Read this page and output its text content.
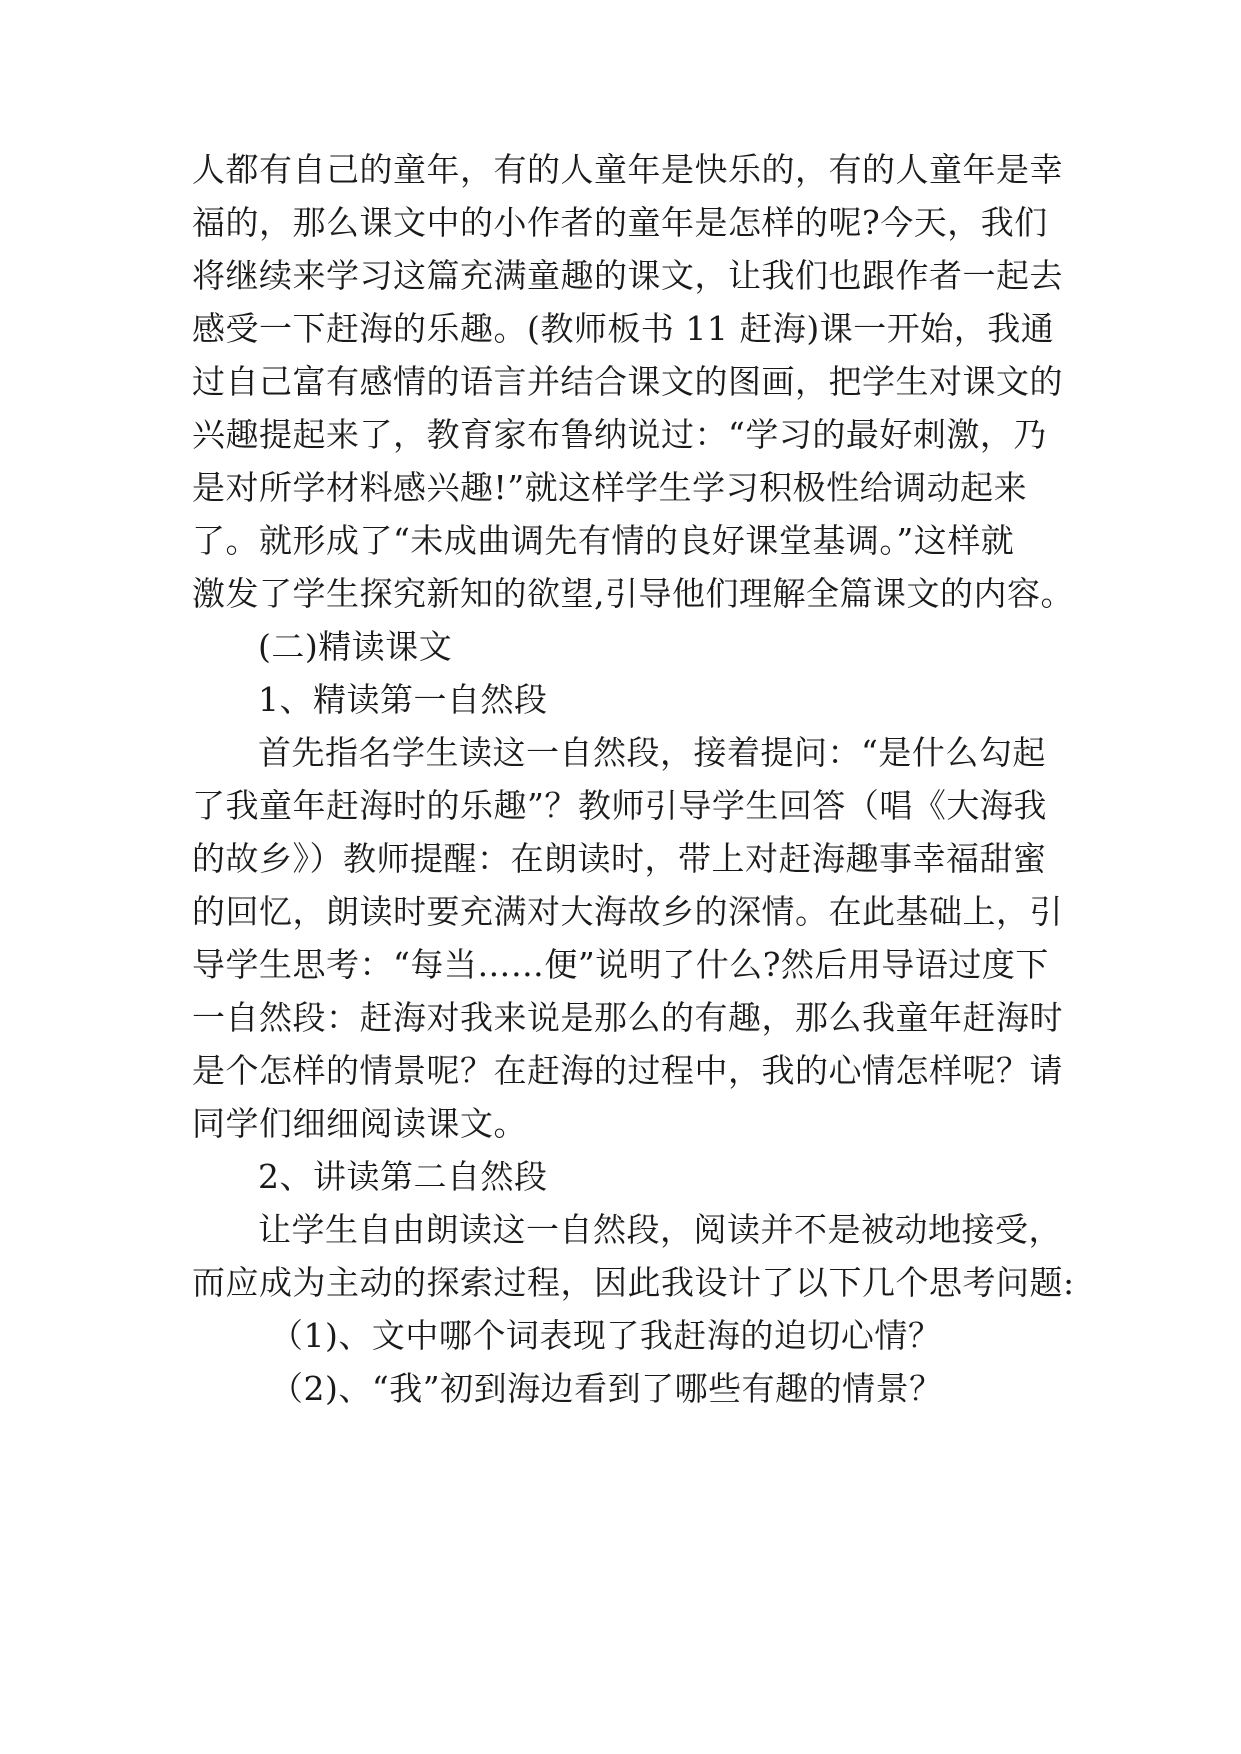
人都有自己的童年，有的人童年是快乐的，有的人童年是幸
福的，那么课文中的小作者的童年是怎样的呢?今天，我们
将继续来学习这篇充满童趣的课文，让我们也跟作者一起去
感受一下赶海的乐趣。(教师板书 11 赶海)课一开始，我通
过自己富有感情的语言并结合课文的图画，把学生对课文的
兴趣提起来了，教育家布鲁纳说过：“学习的最好刺激，乃
是对所学材料感兴趣!”就这样学生学习积极性给调动起来
了。就形成了“未成曲调先有情的良好课堂基调。”这样就
激发了学生探究新知的欲望,引导他们理解全篇课文的内容。
(二)精读课文
1、精读第一自然段
首先指名学生读这一自然段，接着提问：“是什么勾起
了我童年赶海时的乐趣”？教师引导学生回答（唱《大海我
的故乡》）教师提醒：在朗读时，带上对赶海趣事幸福甜蜜
的回忆，朗读时要充满对大海故乡的深情。在此基础上，引
导学生思考：“每当……便”说明了什么?然后用导语过度下
一自然段：赶海对我来说是那么的有趣，那么我童年赶海时
是个怎样的情景呢？在赶海的过程中，我的心情怎样呢？请
同学们细细阅读课文。
2、讲读第二自然段
让学生自由朗读这一自然段，阅读并不是被动地接受，
而应成为主动的探索过程，因此我设计了以下几个思考问题:
（1)、文中哪个词表现了我赶海的迫切心情？
（2)、“我”初到海边看到了哪些有趣的情景？
